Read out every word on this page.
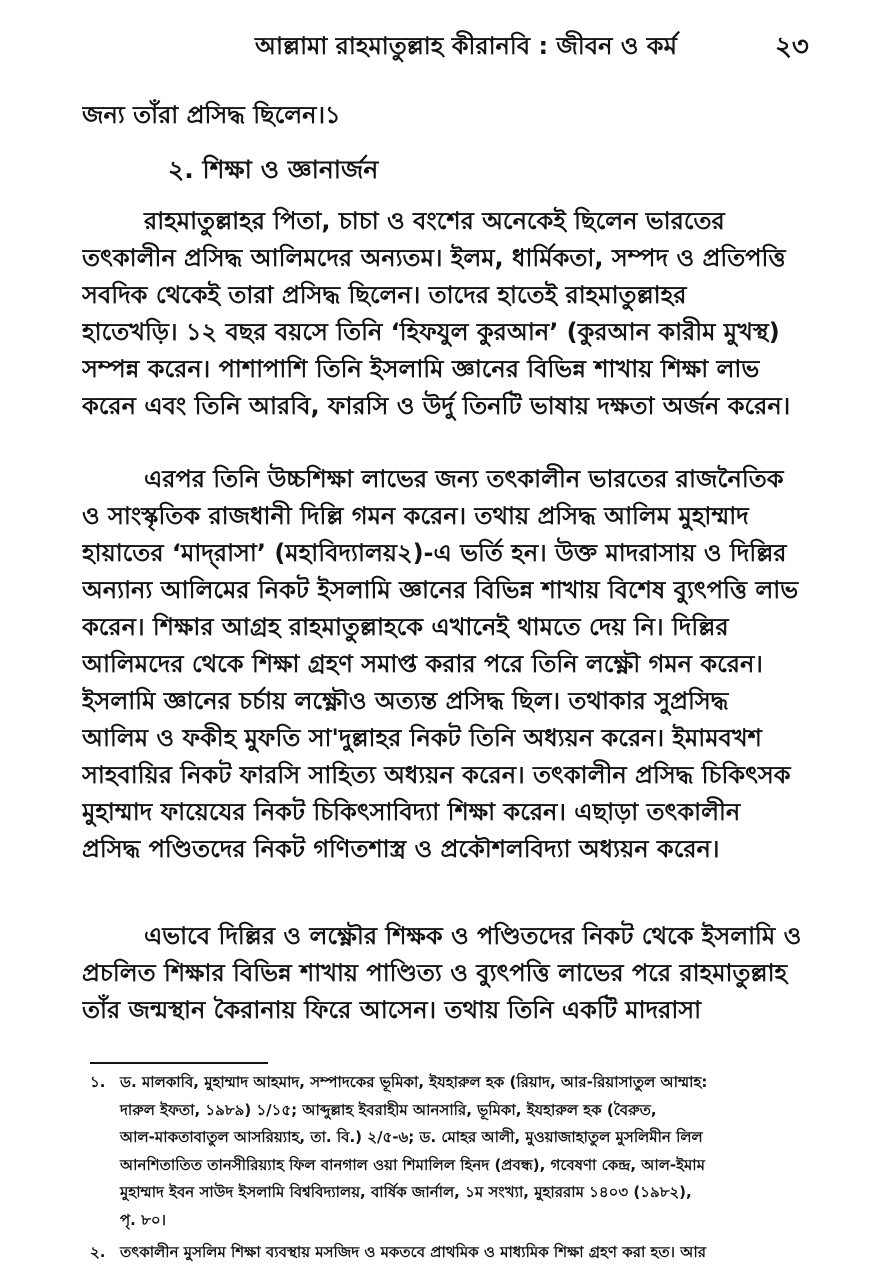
আল্লামা রাহমাতুল্লাহ কীরানবি : জীবন ও কর্ম	২৩
জন্য তাঁরা প্রসিদ্ধ ছিলেন।১
২. শিক্ষা ও জ্ঞানার্জন
রাহমাতুল্লাহর পিতা, চাচা ও বংশের অনেকেই ছিলেন ভারতের
তৎকালীন প্রসিদ্ধ আলিমদের অন্যতম। ইলম, ধার্মিকতা, সম্পদ ও প্রতিপত্তি
সবদিক থেকেই তারা প্রসিদ্ধ ছিলেন। তাদের হাতেই রাহমাতুল্লাহর
হাতেখড়ি। ১২ বছর বয়সে তিনি ‘হিফযুল কুরআন’ (কুরআন কারীম মুখস্থ)
সম্পন্ন করেন। পাশাপাশি তিনি ইসলামি জ্ঞানের বিভিন্ন শাখায় শিক্ষা লাভ
করেন এবং তিনি আরবি, ফারসি ও উর্দু তিনটি ভাষায় দক্ষতা অর্জন করেন।
এরপর তিনি উচ্চশিক্ষা লাভের জন্য তৎকালীন ভারতের রাজনৈতিক
ও সাংস্কৃতিক রাজধানী দিল্লি গমন করেন। তথায় প্রসিদ্ধ আলিম মুহাম্মাদ
হায়াতের ‘মাদ্‌রাসা’ (মহাবিদ্যালয়২)-এ ভর্তি হন। উক্ত মাদরাসায় ও দিল্লির
অন্যান্য আলিমের নিকট ইসলামি জ্ঞানের বিভিন্ন শাখায় বিশেষ ব্যুৎপত্তি লাভ
করেন। শিক্ষার আগ্রহ রাহমাতুল্লাহকে এখানেই থামতে দেয় নি। দিল্লির
আলিমদের থেকে শিক্ষা গ্রহণ সমাপ্ত করার পরে তিনি লক্ষ্ণৌ গমন করেন।
ইসলামি জ্ঞানের চর্চায় লক্ষ্ণৌও অত্যন্ত প্রসিদ্ধ ছিল। তথাকার সুপ্রসিদ্ধ
আলিম ও ফকীহ মুফতি সা'দুল্লাহর নিকট তিনি অধ্যয়ন করেন। ইমামবখশ
সাহবায়ির নিকট ফারসি সাহিত্য অধ্যয়ন করেন। তৎকালীন প্রসিদ্ধ চিকিৎসক
মুহাম্মাদ ফায়েযের নিকট চিকিৎসাবিদ্যা শিক্ষা করেন। এছাড়া তৎকালীন
প্রসিদ্ধ পণ্ডিতদের নিকট গণিতশাস্ত্র ও প্রকৌশলবিদ্যা অধ্যয়ন করেন।
এভাবে দিল্লির ও লক্ষ্ণৌর শিক্ষক ও পণ্ডিতদের নিকট থেকে ইসলামি ও
প্রচলিত শিক্ষার বিভিন্ন শাখায় পাণ্ডিত্য ও ব্যুৎপত্তি লাভের পরে রাহমাতুল্লাহ
তাঁর জন্মস্থান কৈরানায় ফিরে আসেন। তথায় তিনি একটি মাদরাসা
১. ড. মালকাবি, মুহাম্মাদ আহমাদ, সম্পাদকের ভূমিকা, ইযহারুল হক (রিয়াদ, আর-রিয়াসাতুল আম্মাহ:
দারুল ইফতা, ১৯৮৯) ১/১৫; আব্দুল্লাহ ইবরাহীম আনসারি, ভূমিকা, ইযহারুল হক (বৈরুত,
আল-মাকতাবাতুল আসরিয়্যাহ, তা. বি.) ২/৫-৬; ড. মোহর আলী, মুওয়াজাহাতুল মুসলিমীন লিল
আনশিতাতিত তানসীরিয়্যাহ ফিল বানগাল ওয়া শিমালিল হিনদ (প্রবন্ধ), গবেষণা কেন্দ্র, আল-ইমাম
মুহাম্মাদ ইবন সাউদ ইসলামি বিশ্ববিদ্যালয়, বার্ষিক জার্নাল, ১ম সংখ্যা, মুহাররাম ১৪০৩ (১৯৮২),
পৃ. ৮০।
২. তৎকালীন মুসলিম শিক্ষা ব্যবস্থায় মসজিদ ও মকতবে প্রাথমিক ও মাধ্যমিক শিক্ষা গ্রহণ করা হত। আর
